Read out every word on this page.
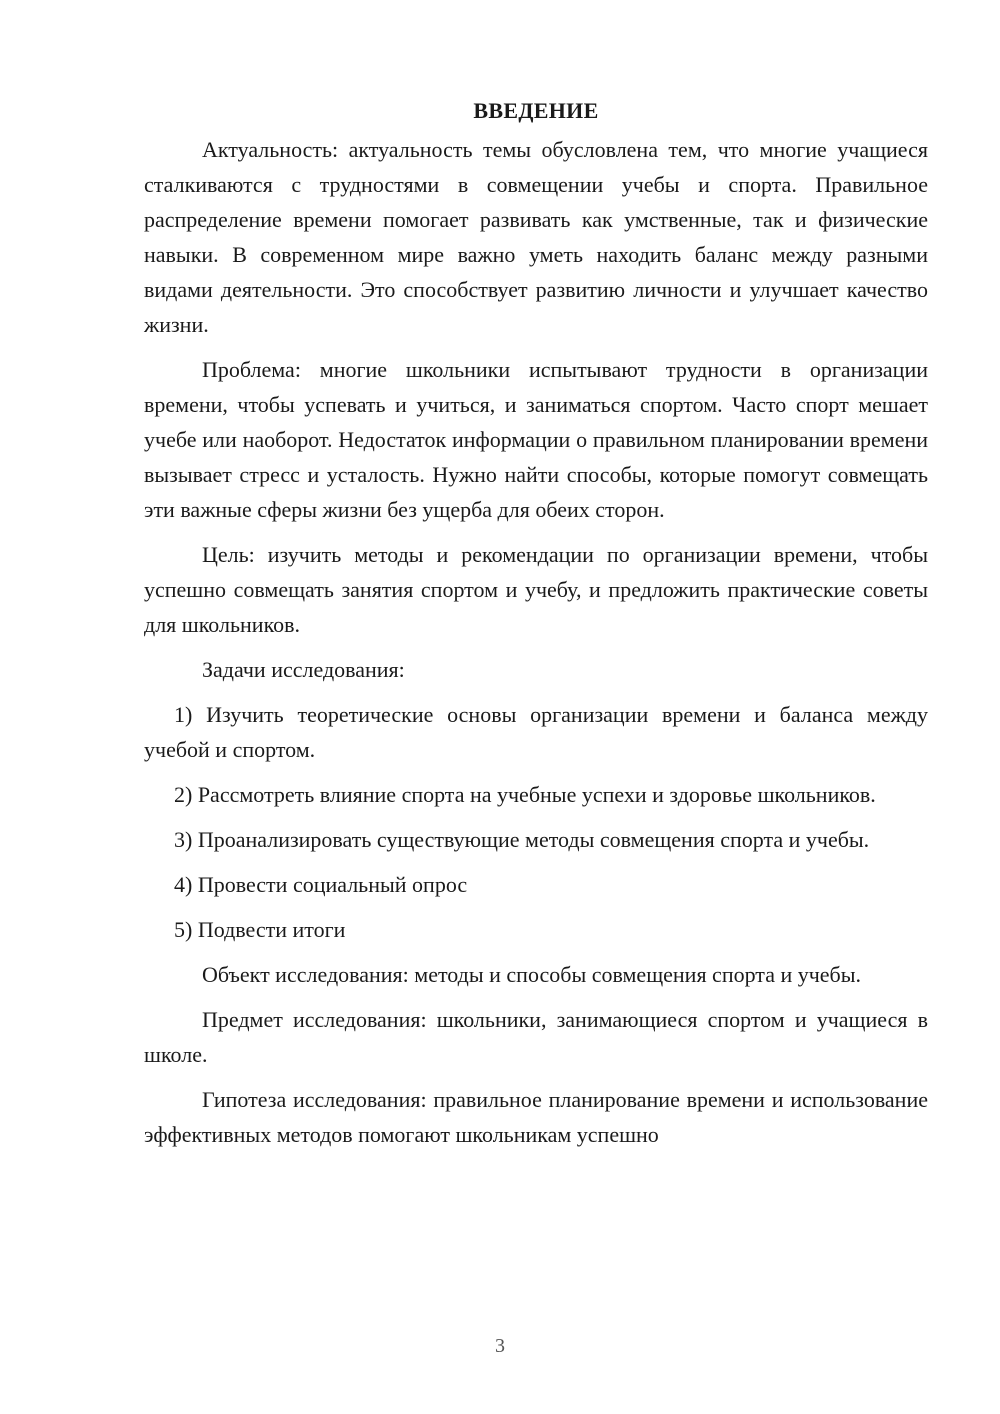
ВВЕДЕНИЕ

Актуальность: актуальность темы обусловлена тем, что многие учащиеся сталкиваются с трудностями в совмещении учебы и спорта. Правильное распределение времени помогает развивать как умственные, так и физические навыки. В современном мире важно уметь находить баланс между разными видами деятельности. Это способствует развитию личности и улучшает качество жизни.

Проблема: многие школьники испытывают трудности в организации времени, чтобы успевать и учиться, и заниматься спортом. Часто спорт мешает учебе или наоборот. Недостаток информации о правильном планировании времени вызывает стресс и усталость. Нужно найти способы, которые помогут совмещать эти важные сферы жизни без ущерба для обеих сторон.

Цель: изучить методы и рекомендации по организации времени, чтобы успешно совмещать занятия спортом и учебу, и предложить практические советы для школьников.

Задачи исследования:

1) Изучить теоретические основы организации времени и баланса между учебой и спортом.

2) Рассмотреть влияние спорта на учебные успехи и здоровье школьников.

3) Проанализировать существующие методы совмещения спорта и учебы.

4) Провести социальный опрос

5) Подвести итоги

Объект исследования: методы и способы совмещения спорта и учебы.

Предмет исследования: школьники, занимающиеся спортом и учащиеся в школе.

Гипотеза исследования: правильное планирование времени и использование эффективных методов помогают школьникам успешно

3
